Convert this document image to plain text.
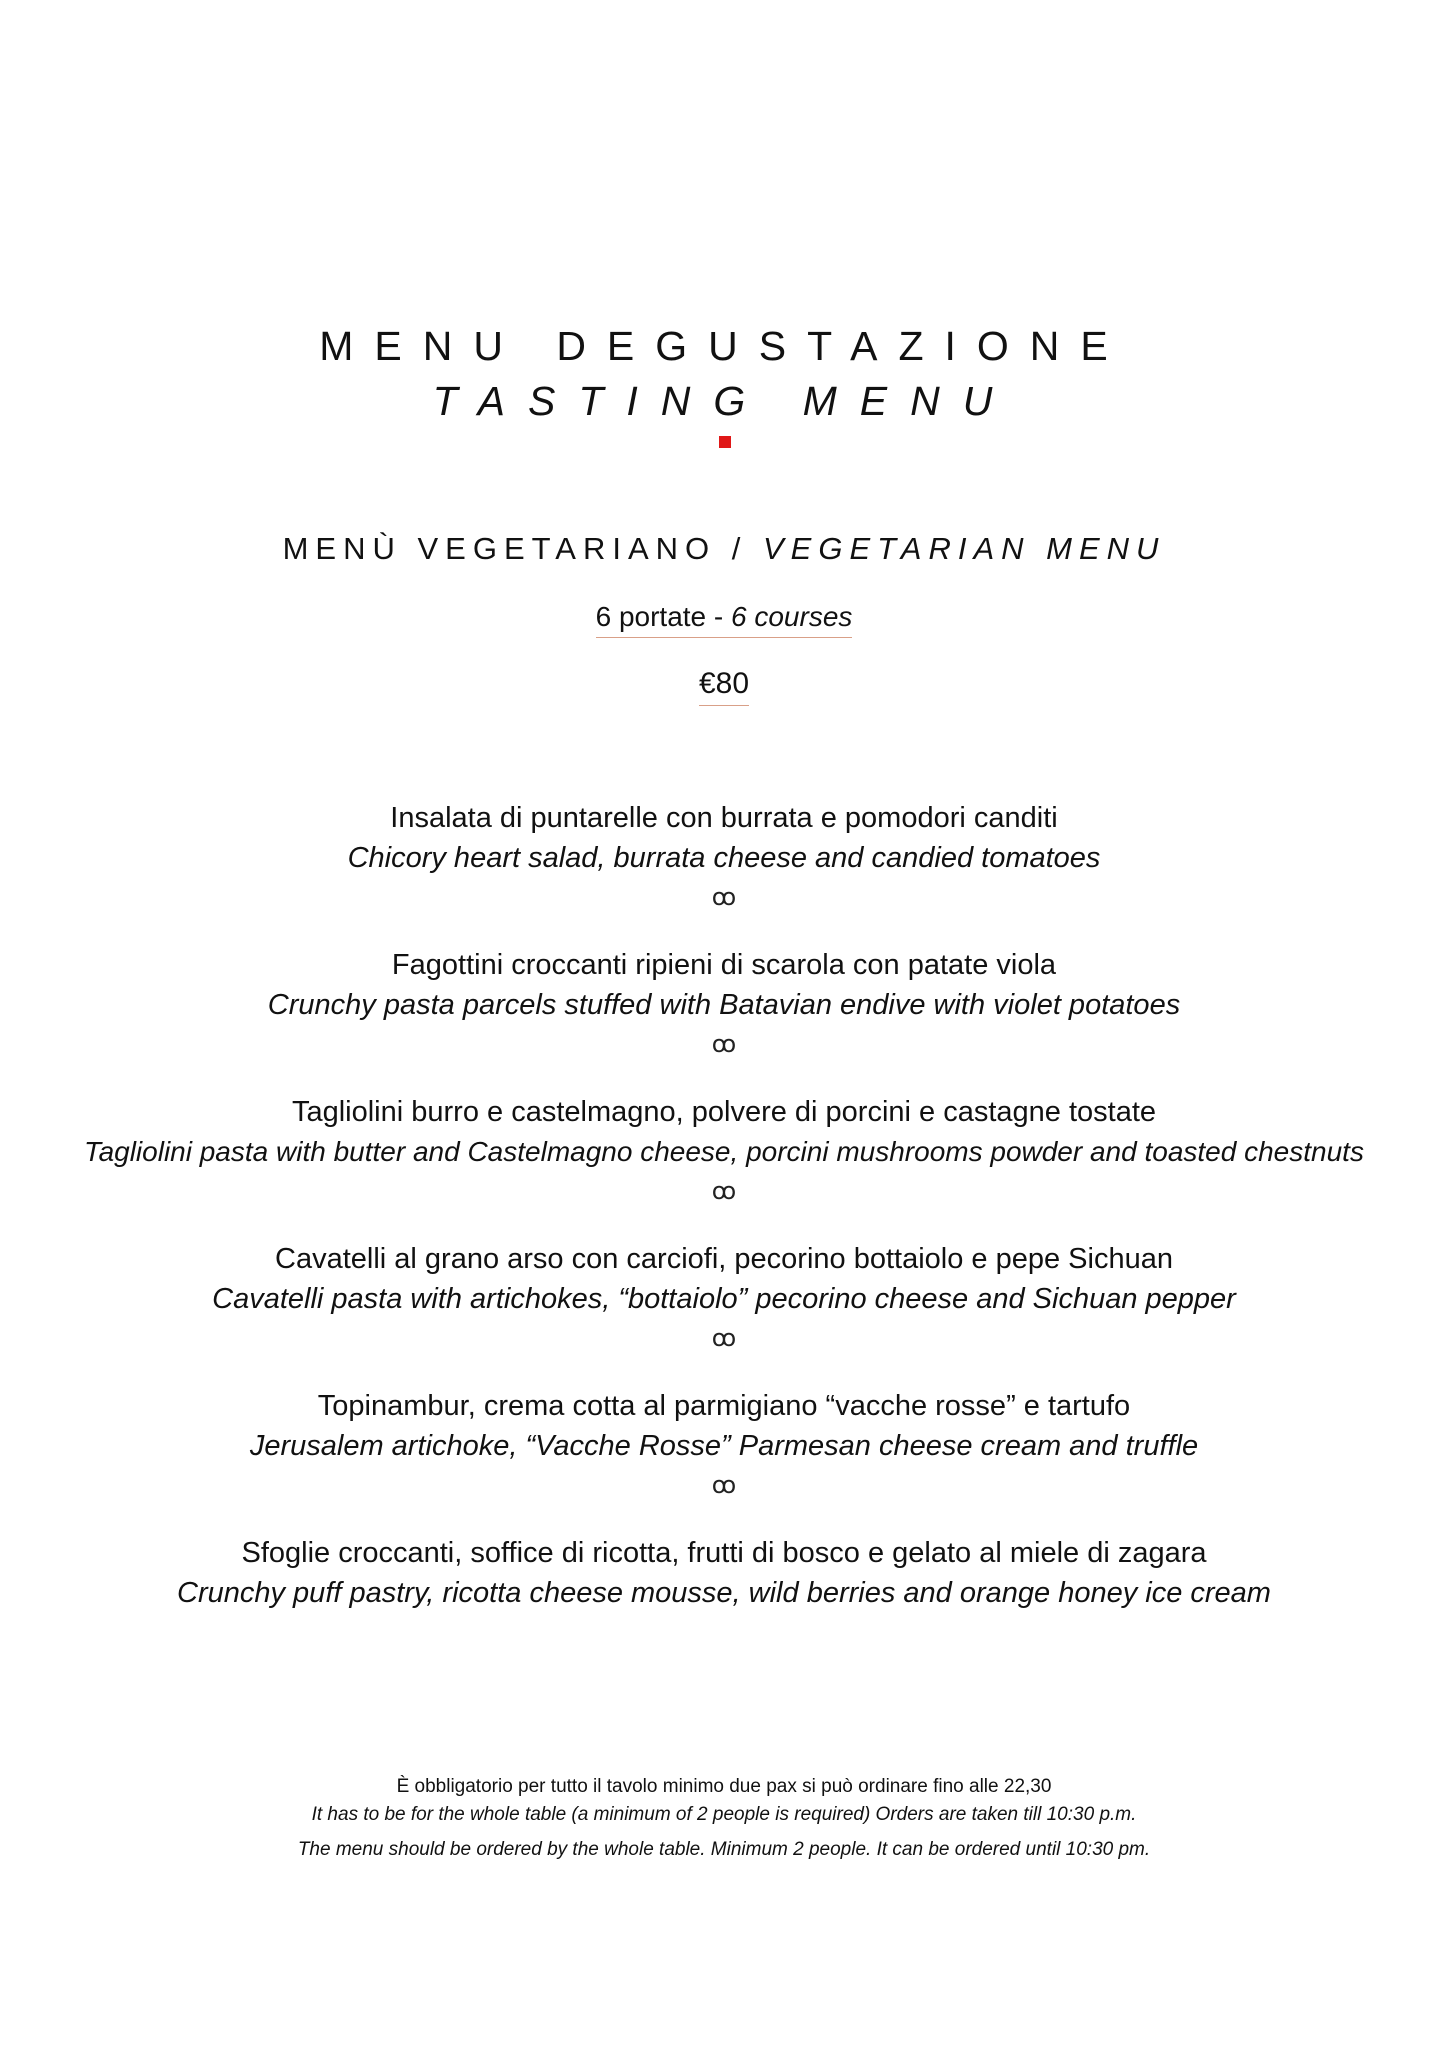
MENU DEGUSTAZIONE
TASTING MENU
MENÙ VEGETARIANO / VEGETARIAN MENU
6 portate - 6 courses
€80
Insalata di puntarelle con burrata e pomodori canditi
Chicory heart salad, burrata cheese and candied tomatoes
ꝏ
Fagottini croccanti ripieni di scarola con patate viola
Crunchy pasta parcels stuffed with Batavian endive with violet potatoes
ꝏ
Tagliolini burro e castelmagno, polvere di porcini e castagne tostate
Tagliolini pasta with butter and Castelmagno cheese, porcini mushrooms powder and toasted chestnuts
ꝏ
Cavatelli al grano arso con carciofi, pecorino bottaiolo e pepe Sichuan
Cavatelli pasta with artichokes, “bottaiolo” pecorino cheese and Sichuan pepper
ꝏ
Topinambur, crema cotta al parmigiano “vacche rosse” e tartufo
Jerusalem artichoke, “Vacche Rosse” Parmesan cheese cream and truffle
ꝏ
Sfoglie croccanti, soffice di ricotta, frutti di bosco e gelato al miele di zagara
Crunchy puff pastry, ricotta cheese mousse, wild berries and orange honey ice cream
È obbligatorio per tutto il tavolo minimo due pax si può ordinare fino alle 22,30
It has to be for the whole table (a minimum of 2 people is required) Orders are taken till 10:30 p.m.
The menu should be ordered by the whole table. Minimum 2 people. It can be ordered until 10:30 pm.
